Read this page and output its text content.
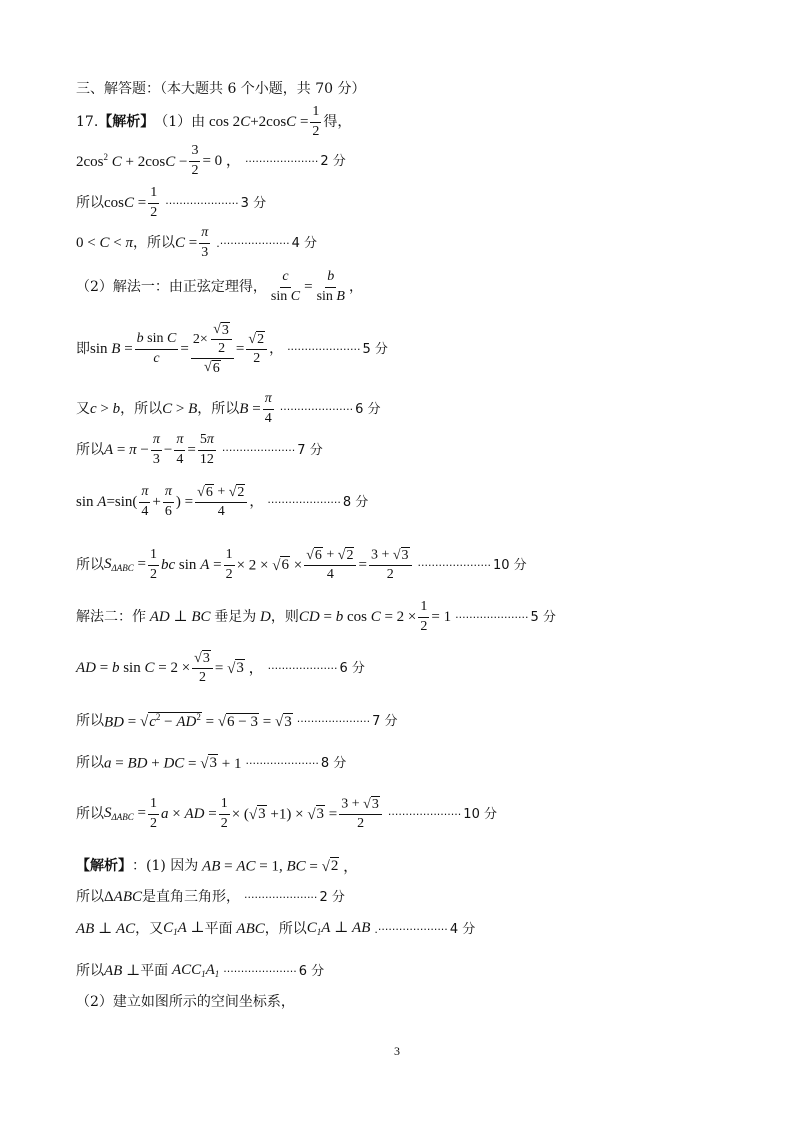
三、解答题：（本大题共 6 个小题，共 70 分）
17. 【解析】 （1）由 $\cos 2C+2\cos C = \frac{1}{2}$ 得，
$2\cos^2$ $C + 2\cos C - \frac{3}{2} = 0$ ， ····················· 2 分
所以 $\cos C = \frac{1}{2}$ ····················· 3 分
0 < C < π ，所以 $C = \frac{\pi}{3}$ .···················· 4 分
（2）解法一：由正弦定理得， $\frac{c}{\text{sin C}} = \frac{b}{\text{sin B}}$ ，
即 $\sin B = \frac{\text{b sin C}}{c} = \frac{2\times \frac{√ 3}{2}}{√ 6} = \frac{√ 2}{2}$ ， ····················· 5 分
又 c > b ，所以 C > B ，所以 $B = \frac{\pi}{4}$ ····················· 6 分
所以 $A = \pi - \frac{\pi}{3} - \frac{\pi}{4} = \frac{5\pi}{12}$ ····················· 7 分
$\sin A=\sin( \frac{\pi}{4} + \frac{\pi}{6}$ ) = $\frac{√ 6 + √ 2}{4}$ ， ····················· 8 分
所以 $S_{\Delta ABC} = \frac{1}{2}$ bc $\sin A = \frac{1}{2} \times 2$ × √ $6 \times \frac{√ 6 + √ 2}{4} = \frac{3 + √ 3}{2}$ ····················· 10 分
解法二：作 AD ⊥ BC 垂足为 D ，则 CD = b $\cos C = 2 \times \frac{1}{2} = 1$ ····················· 5 分
AD = b $\sin C = 2 \times \frac{√ 3}{2}$ = √ 3 ， ···················· 6 分
所以 BD = √ $c^2 - AD^2$ = √ 6 − 3 = √ 3 ····················· 7 分
所以 a = BD + DC = √ 3 + 1 ····················· 8 分
所以 $S_{\Delta ABC} = \frac{1}{2}$ a × AD = $\frac{1}{2}$ × (√ 3 +1) × √ $3 = \frac{3 + √ 3}{2}$ ····················· 10 分
【解析】 ：(1) 因为 AB = AC = 1, BC = √ 2 ，
所以 ΔABC 是直角三角形， ····················· 2 分
AB ⊥ AC ，又 $C_1A$ ⊥ 平面 ABC ，所以 $C_1A$ ⊥ AB .···················· 4 分
所以 AB ⊥ 平面 $ACC_1A_1$ ····················· 6 分
（2）建立如图所示的空间坐标系，
3
